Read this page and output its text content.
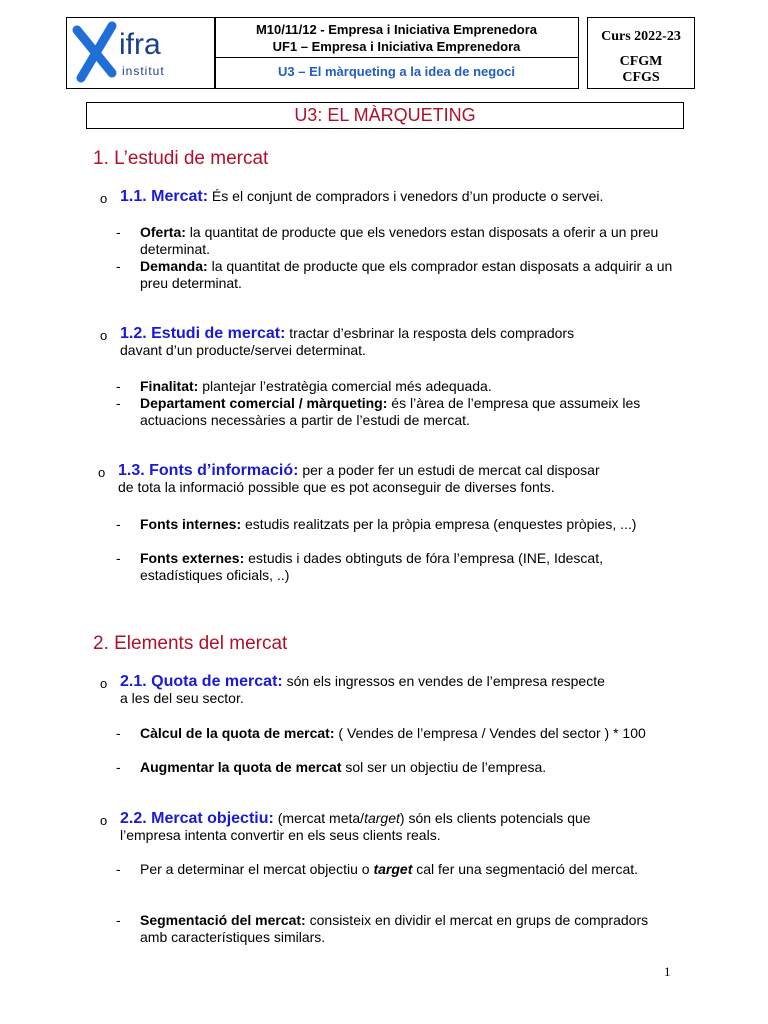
ifra
institut
M10/11/12 - Empresa i Iniciativa Emprenedora
UF1 – Empresa i Iniciativa Emprenedora
U3 – El màrqueting a la idea de negoci
Curs 2022-23
CFGM
CFGS
U3: EL MÀRQUETING
1. L’estudi de mercat
o 1.1. Mercat: És el conjunt de compradors i venedors d’un producte o servei.
- Oferta: la quantitat de producte que els venedors estan disposats a oferir a un preu determinat.
- Demanda: la quantitat de producte que els comprador estan disposats a adquirir a un preu determinat.
o 1.2. Estudi de mercat: tractar d’esbrinar la resposta dels compradors
davant d’un producte/servei determinat.
- Finalitat: plantejar l’estratègia comercial més adequada.
- Departament comercial / màrqueting: és l’àrea de l’empresa que assumeix les actuacions necessàries a partir de l’estudi de mercat.
o 1.3. Fonts d’informació: per a poder fer un estudi de mercat cal disposar
de tota la informació possible que es pot aconseguir de diverses fonts.
- Fonts internes: estudis realitzats per la pròpia empresa (enquestes pròpies, ...)
- Fonts externes: estudis i dades obtinguts de fóra l’empresa (INE, Idescat, estadístiques oficials, ..)
2. Elements del mercat
o 2.1. Quota de mercat: són els ingressos en vendes de l’empresa respecte
a les del seu sector.
- Càlcul de la quota de mercat: ( Vendes de l’empresa / Vendes del sector ) * 100
- Augmentar la quota de mercat sol ser un objectiu de l’empresa.
o 2.2. Mercat objectiu: (mercat meta/target) són els clients potencials que
l’empresa intenta convertir en els seus clients reals.
- Per a determinar el mercat objectiu o target cal fer una segmentació del mercat.
- Segmentació del mercat: consisteix en dividir el mercat en grups de compradors amb característiques similars.
1
